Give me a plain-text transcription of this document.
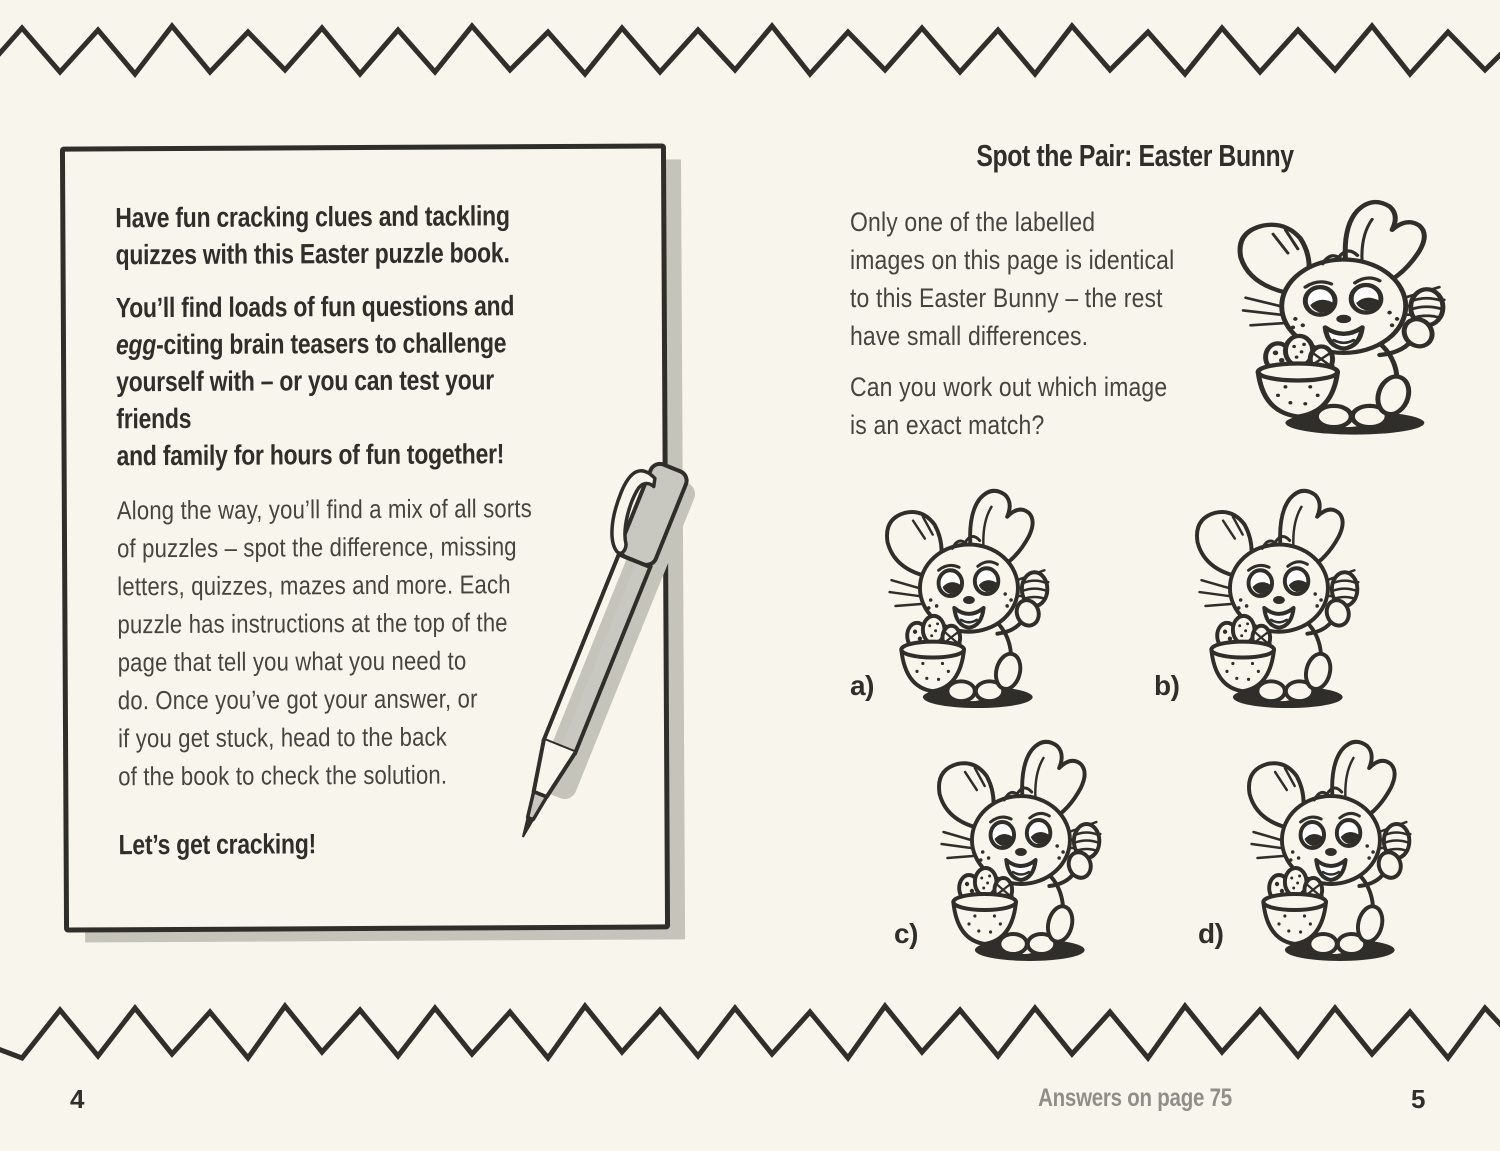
Have fun cracking clues and tackling
quizzes with this Easter puzzle book.
You’ll find loads of fun questions and
egg-citing brain teasers to challenge
yourself with – or you can test your friends
and family for hours of fun together!
Along the way, you’ll find a mix of all sorts
of puzzles – spot the difference, missing
letters, quizzes, mazes and more. Each
puzzle has instructions at the top of the
page that tell you what you need to
do. Once you’ve got your answer, or
if you get stuck, head to the back
of the book to check the solution.
Let’s get cracking!
Spot the Pair: Easter Bunny
Only one of the labelled
images on this page is identical
to this Easter Bunny – the rest
have small differences.
Can you work out which image
is an exact match?
a)	b)
c)	d)
4	Answers on page 75	5
